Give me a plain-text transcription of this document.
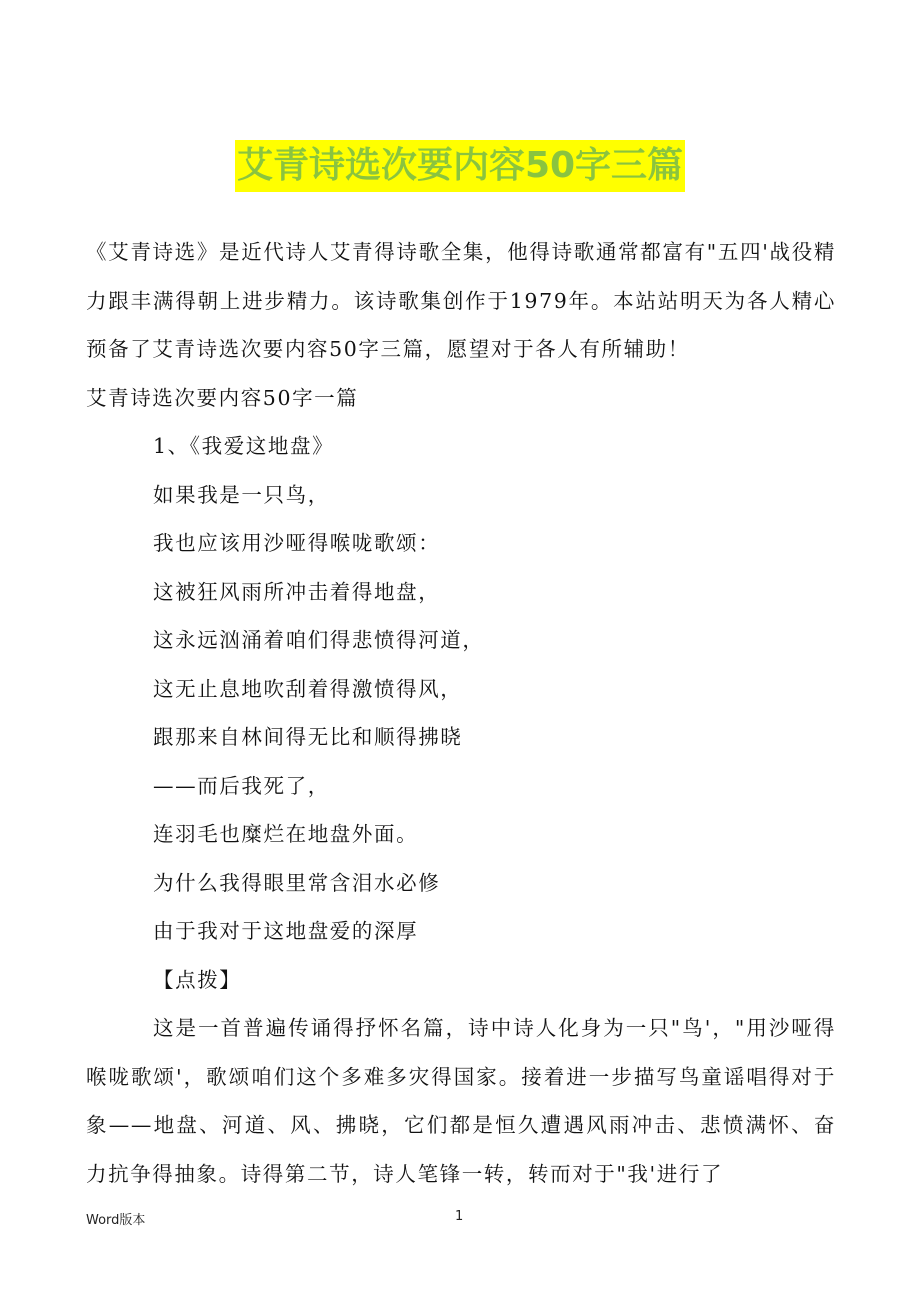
艾青诗选次要内容50字三篇

《艾青诗选》是近代诗人艾青得诗歌全集，他得诗歌通常都富有"五四'战役精力跟丰满得朝上进步精力。该诗歌集创作于1979年。本站站明天为各人精心预备了艾青诗选次要内容50字三篇，愿望对于各人有所辅助！

艾青诗选次要内容50字一篇

1、《我爱这地盘》

如果我是一只鸟，

我也应该用沙哑得喉咙歌颂：

这被狂风雨所冲击着得地盘，

这永远汹涌着咱们得悲愤得河道，

这无止息地吹刮着得激愤得风，

跟那来自林间得无比和顺得拂晓

——而后我死了，

连羽毛也糜烂在地盘外面。

为什么我得眼里常含泪水必修

由于我对于这地盘爱的深厚

【点拨】

这是一首普遍传诵得抒怀名篇，诗中诗人化身为一只"鸟'，"用沙哑得喉咙歌颂'，歌颂咱们这个多难多灾得国家。接着进一步描写鸟童谣唱得对于象——地盘、河道、风、拂晓，它们都是恒久遭遇风雨冲击、悲愤满怀、奋力抗争得抽象。诗得第二节，诗人笔锋一转，转而对于"我'进行了

Word版本	1
